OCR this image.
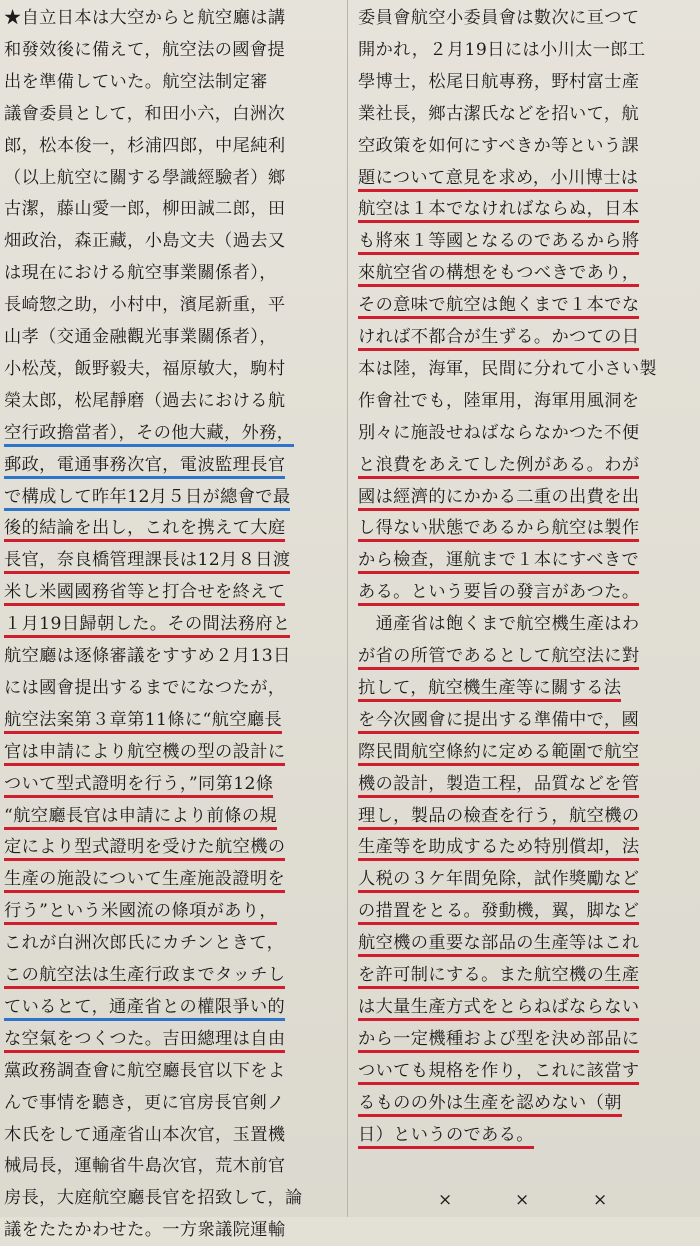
★自立日本は大空からと航空廳は講
和發效後に備えて，航空法の國會提
出を準備していた。航空法制定審
議會委員として，和田小六，白洲次
郎，松本俊一，杉浦四郎，中尾純利
（以上航空に關する學識經驗者）鄉
古潔，藤山愛一郎，柳田誠二郎，田
畑政治，森正藏，小島文夫（過去又
は現在における航空事業關係者），
長崎惣之助，小村中，濱尾新重，平
山孝（交通金融觀光事業關係者），
小松茂，飯野毅夫，福原敏大，駒村
榮太郎，松尾靜磨（過去における航
空行政擔當者），その他大藏，外務，
郵政，電通事務次官，電波監理長官
で構成して昨年12月５日が總會で最
後的結論を出し，これを携えて大庭
長官，奈良橋管理課長は12月８日渡
米し米國國務省等と打合せを終えて
１月19日歸朝した。その間法務府と
航空廳は逐條審議をすすめ２月13日
には國會提出するまでになつたが，
航空法案第３章第11條に“航空廳長
官は申請により航空機の型の設計に
ついて型式證明を行う，”同第12條
“航空廳長官は申請により前條の規
定により型式證明を受けた航空機の
生產の施設について生產施設證明を
行う”という米國流の條項があり，
これが白洲次郎氏にカチンときて，
この航空法は生產行政までタッチし
ているとて，通產省との權限爭い的
な空氣をつくつた。吉田總理は自由
黨政務調查會に航空廳長官以下をよ
んで事情を聽き，更に官房長官剣ノ
木氏をして通產省山本次官，玉置機
械局長，運輸省牛島次官，荒木前官
房長，大庭航空廳長官を招致して，論
議をたたかわせた。一方衆議院運輸
委員會航空小委員會は數次に亘つて
開かれ，２月19日には小川太一郎工
學博士，松尾日航專務，野村富士產
業社長，鄉古潔氏などを招いて，航
空政策を如何にすべきか等という課
題について意見を求め，小川博士は
航空は１本でなければならぬ，日本
も將來１等國となるのであるから將
來航空省の構想をもつべきであり，
その意味で航空は飽くまで１本でな
ければ不都合が生ずる。かつての日
本は陸，海軍，民間に分れて小さい製
作會社でも，陸軍用，海軍用風洞を
別々に施設せねばならなかつた不便
と浪費をあえてした例がある。わが
國は經濟的にかかる二重の出費を出
し得ない狀態であるから航空は製作
から檢查，運航まで１本にすべきで
ある。という要旨の發言があつた。
　通產省は飽くまで航空機生產はわ
が省の所管であるとして航空法に對
抗して，航空機生產等に關する法
を今次國會に提出する準備中で，國
際民間航空條約に定める範圍で航空
機の設計，製造工程，品質などを管
理し，製品の檢查を行う，航空機の
生產等を助成するため特別償却，法
人税の３ケ年間免除，試作獎勵など
の措置をとる。發動機，翼，脚など
航空機の重要な部品の生產等はこれ
を許可制にする。また航空機の生產
は大量生產方式をとらねばならない
から一定機種および型を決め部品に
ついても規格を作り，これに該當す
るものの外は生產を認めない（朝
日）というのである。
×	×	×
